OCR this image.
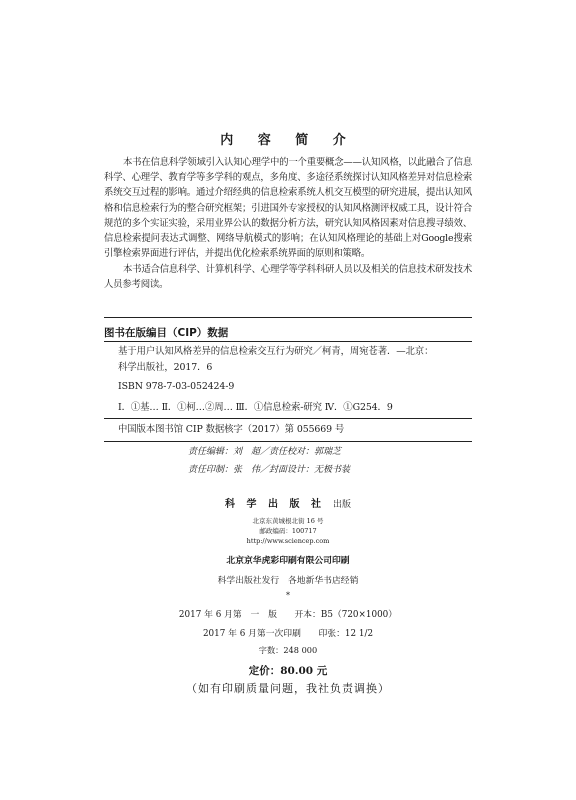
内 容 简 介

本书在信息科学领域引入认知心理学中的一个重要概念——认知风格，以此融合了信息科学、心理学、教育学等多学科的观点，多角度、多途径系统探讨认知风格差异对信息检索系统交互过程的影响。通过介绍经典的信息检索系统人机交互模型的研究进展，提出认知风格和信息检索行为的整合研究框架；引进国外专家授权的认知风格测评权威工具，设计符合规范的多个实证实验，采用业界公认的数据分析方法，研究认知风格因素对信息搜寻绩效、信息检索提问表达式调整、网络导航模式的影响；在认知风格理论的基础上对Google搜索引擎检索界面进行评估，并提出优化检索系统界面的原则和策略。

本书适合信息科学、计算机科学、心理学等学科科研人员以及相关的信息技术研发技术人员参考阅读。

图书在版编目（CIP）数据
基于用户认知风格差异的信息检索交互行为研究／柯青，周宛苍著．—北京：
科学出版社，2017．6
ISBN 978-7-03-052424-9
Ⅰ．①基… Ⅱ．①柯…②周… Ⅲ．①信息检索-研究 Ⅳ．①G254．9
中国版本图书馆 CIP 数据核字（2017）第 055669 号
责任编辑：刘　超／责任校对：郭瑞芝
责任印制：张　伟／封面设计：无极书装
科 学 出 版 社 出版
北京东黄城根北街 16 号
邮政编码：100717
http://www.sciencep.com
北京京华虎彩印刷有限公司印刷
科学出版社发行　各地新华书店经销
*
2017 年 6 月第　一　版　　开本：B5（720×1000）
2017 年 6 月第一次印刷　　印张：12 1/2
字数：248 000
定价：80.00 元
（如有印刷质量问题，我社负责调换）
